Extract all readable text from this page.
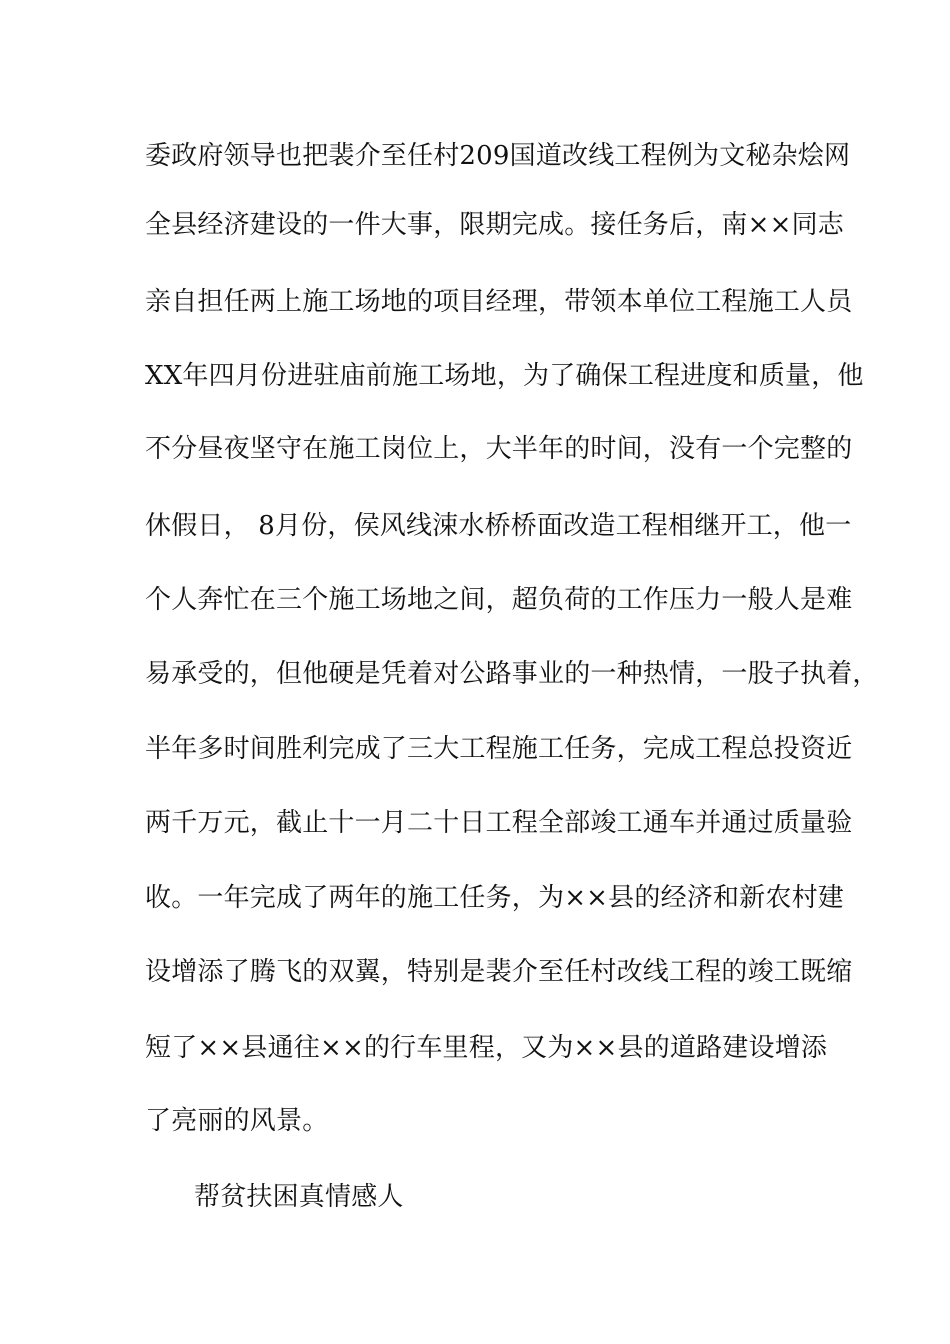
委政府领导也把裴介至任村209国道改线工程例为文秘杂烩网
全县经济建设的一件大事，限期完成。接任务后，南××同志
亲自担任两上施工场地的项目经理，带领本单位工程施工人员
XX年四月份进驻庙前施工场地，为了确保工程进度和质量，他
不分昼夜坚守在施工岗位上，大半年的时间，没有一个完整的
休假日， 8月份，侯风线涑水桥桥面改造工程相继开工，他一
个人奔忙在三个施工场地之间，超负荷的工作压力一般人是难
易承受的，但他硬是凭着对公路事业的一种热情，一股子执着，
半年多时间胜利完成了三大工程施工任务，完成工程总投资近
两千万元，截止十一月二十日工程全部竣工通车并通过质量验
收。一年完成了两年的施工任务，为××县的经济和新农村建
设增添了腾飞的双翼，特别是裴介至任村改线工程的竣工既缩
短了××县通往××的行车里程，又为××县的道路建设增添
了亮丽的风景。
帮贫扶困真情感人
